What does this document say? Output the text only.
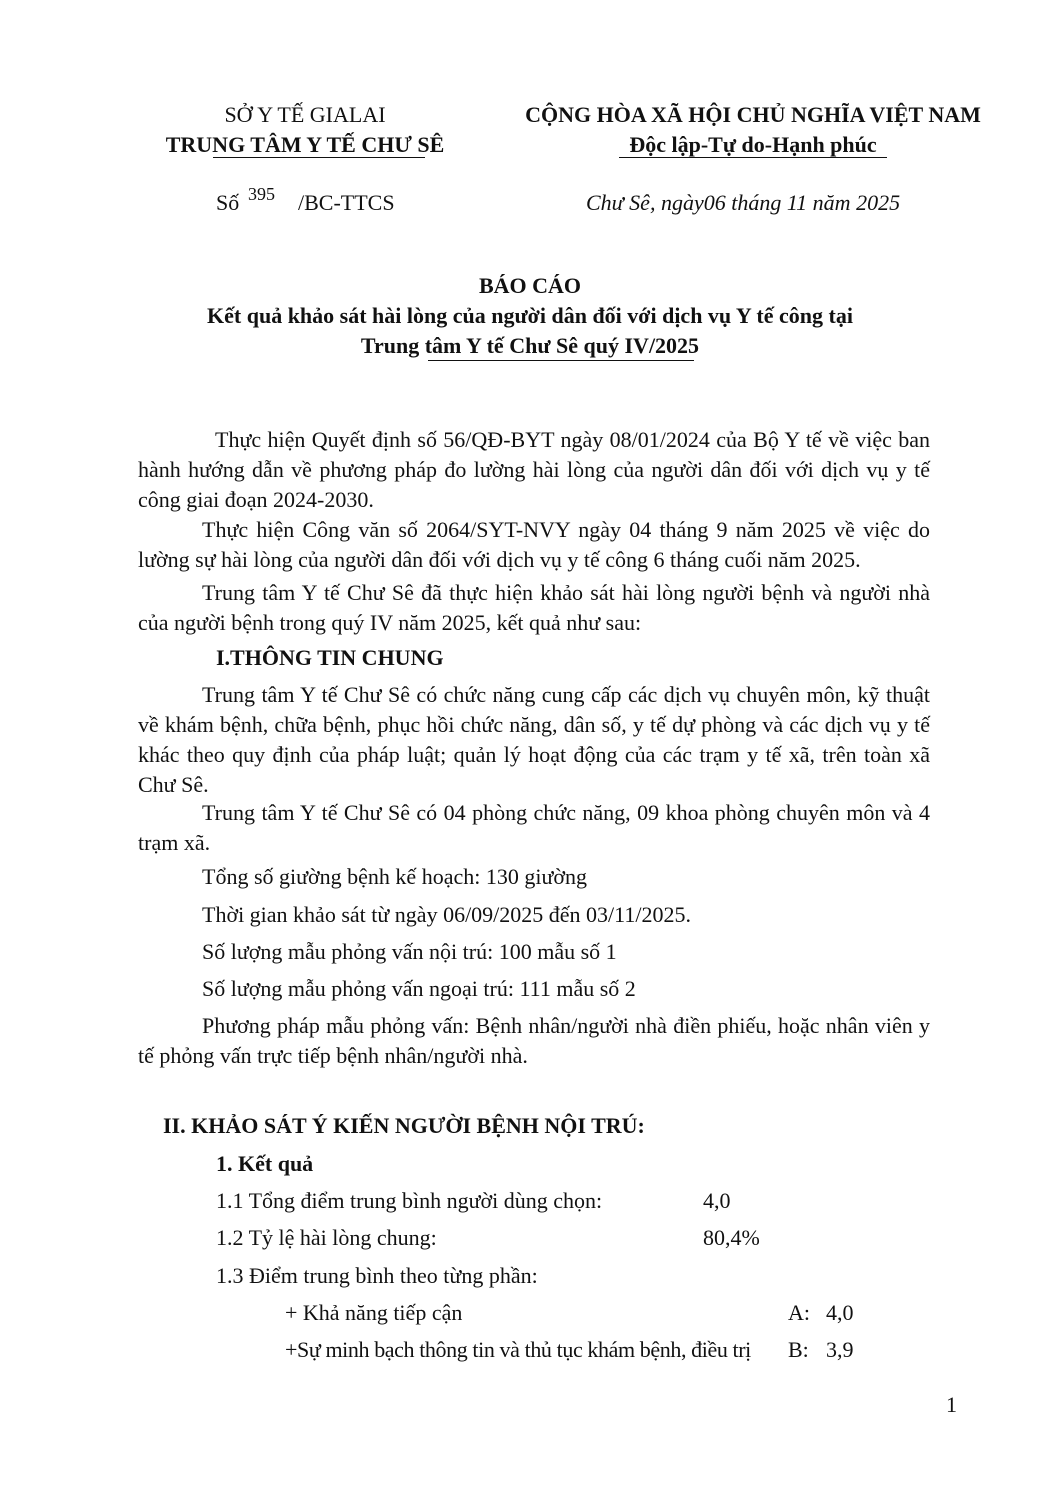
SỞ Y TẾ GIALAI
TRUNG TÂM Y TẾ CHƯ SÊ
CỘNG HÒA XÃ HỘI CHỦ NGHĨA VIỆT NAM
Độc lập-Tự do-Hạnh phúc
Số 395 /BC-TTCS	Chư Sê, ngày06 tháng 11 năm 2025
BÁO CÁO
Kết quả khảo sát hài lòng của người dân đối với dịch vụ Y tế công tại
Trung tâm Y tế Chư Sê quý IV/2025
Thực hiện Quyết định số 56/QĐ-BYT ngày 08/01/2024 của Bộ Y tế về việc ban hành hướng dẫn về phương pháp đo lường hài lòng của người dân đối với dịch vụ y tế công giai đoạn 2024-2030.
Thực hiện Công văn số 2064/SYT-NVY ngày 04 tháng 9 năm 2025 về việc do lường sự hài lòng của người dân đối với dịch vụ y tế công 6 tháng cuối năm 2025.
Trung tâm Y tế Chư Sê đã thực hiện khảo sát hài lòng người bệnh và người nhà của người bệnh trong quý IV năm 2025, kết quả như sau:
I.THÔNG TIN CHUNG
Trung tâm Y tế Chư Sê có chức năng cung cấp các dịch vụ chuyên môn, kỹ thuật về khám bệnh, chữa bệnh, phục hồi chức năng, dân số, y tế dự phòng và các dịch vụ y tế khác theo quy định của pháp luật; quản lý hoạt động của các trạm y tế xã, trên toàn xã Chư Sê.
Trung tâm Y tế Chư Sê có 04 phòng chức năng, 09 khoa phòng chuyên môn và 4 trạm xã.
Tổng số giường bệnh kế hoạch: 130 giường
Thời gian khảo sát từ ngày 06/09/2025 đến 03/11/2025.
Số lượng mẫu phỏng vấn nội trú: 100 mẫu số 1
Số lượng mẫu phỏng vấn ngoại trú: 111 mẫu số 2
Phương pháp mẫu phỏng vấn: Bệnh nhân/người nhà điền phiếu, hoặc nhân viên y tế phỏng vấn trực tiếp bệnh nhân/người nhà.
II. KHẢO SÁT Ý KIẾN NGƯỜI BỆNH NỘI TRÚ:
1. Kết quả
1.1 Tổng điểm trung bình người dùng chọn:	4,0
1.2 Tỷ lệ hài lòng chung:	80,4%
1.3 Điểm trung bình theo từng phần:
+ Khả năng tiếp cận	A: 4,0
+Sự minh bạch thông tin và thủ tục khám bệnh, điều trị B: 3,9
1
